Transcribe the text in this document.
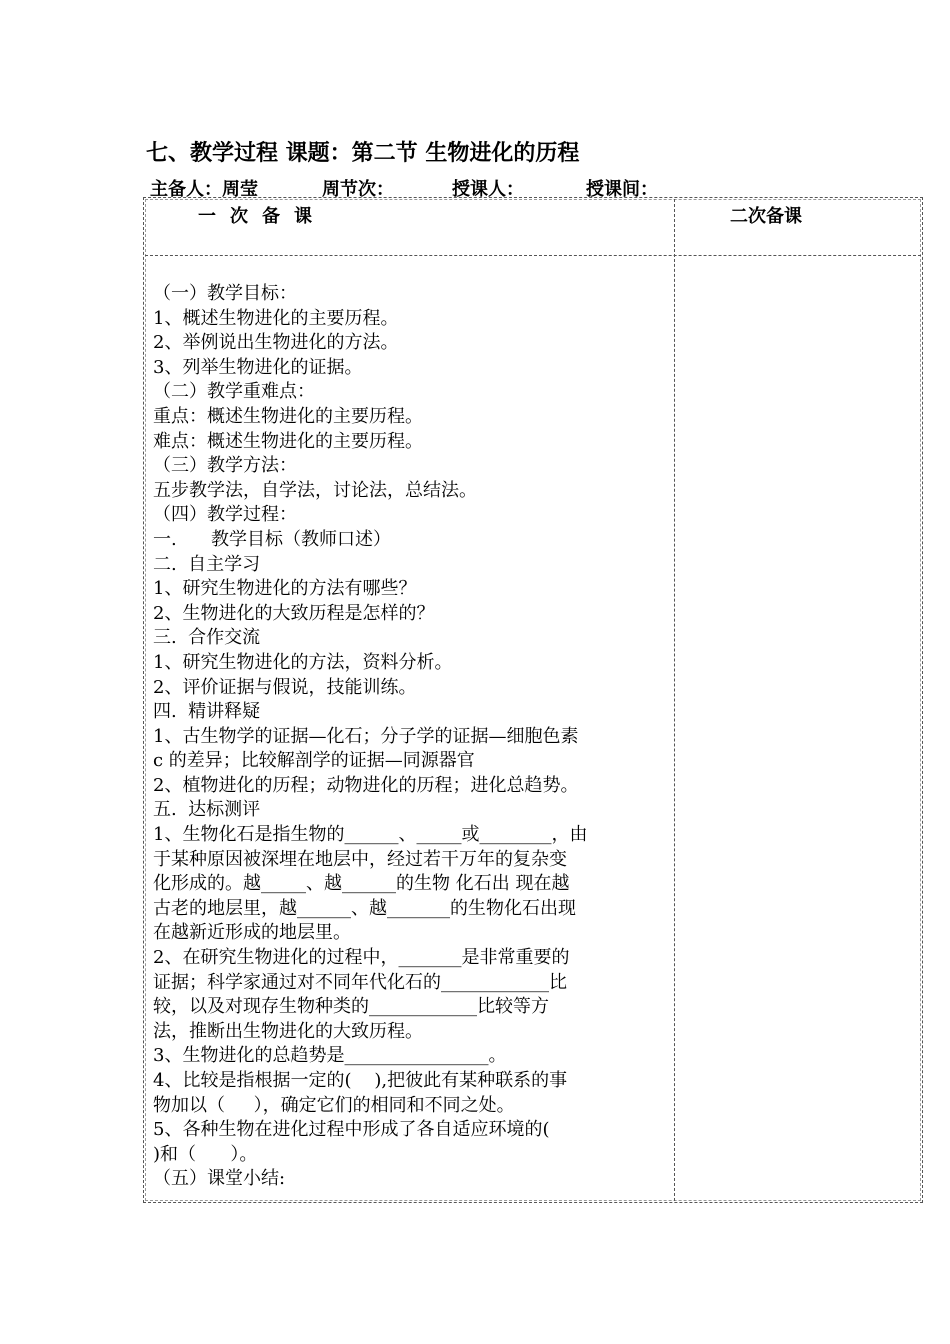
七、教学过程 课题：第二节 生物进化的历程
主备人：周莹	周节次：	授课人：	授课间：
一次备课	二次备课
（一）教学目标：
1、概述生物进化的主要历程。
2、举例说出生物进化的方法。
3、列举生物进化的证据。
（二）教学重难点：
重点：概述生物进化的主要历程。
难点：概述生物进化的主要历程。
（三）教学方法：
五步教学法，自学法，讨论法，总结法。
（四）教学过程：
一.      教学目标（教师口述）
二.  自主学习
1、研究生物进化的方法有哪些？
2、生物进化的大致历程是怎样的？
三.  合作交流
1、研究生物进化的方法，资料分析。
2、评价证据与假说，技能训练。
四.  精讲释疑
1、古生物学的证据—化石；分子学的证据—细胞色素
c 的差异；比较解剖学的证据—同源器官
2、植物进化的历程；动物进化的历程；进化总趋势。
五.  达标测评
1、生物化石是指生物的______、_____或________，由
于某种原因被深埋在地层中，经过若干万年的复杂变
化形成的。越_____、越______的生物 化石出 现在越
古老的地层里，越______、越_______的生物化石出现
在越新近形成的地层里。
2、在研究生物进化的过程中，_______是非常重要的
证据；科学家通过对不同年代化石的____________比
较，以及对现存生物种类的____________比较等方
法，推断出生物进化的大致历程。
3、生物进化的总趋势是________________。
4、比较是指根据一定的(    ),把彼此有某种联系的事
物加以（     ），确定它们的相同和不同之处。
5、各种生物在进化过程中形成了各自适应环境的(
)和（      ）。
（五）课堂小结:
